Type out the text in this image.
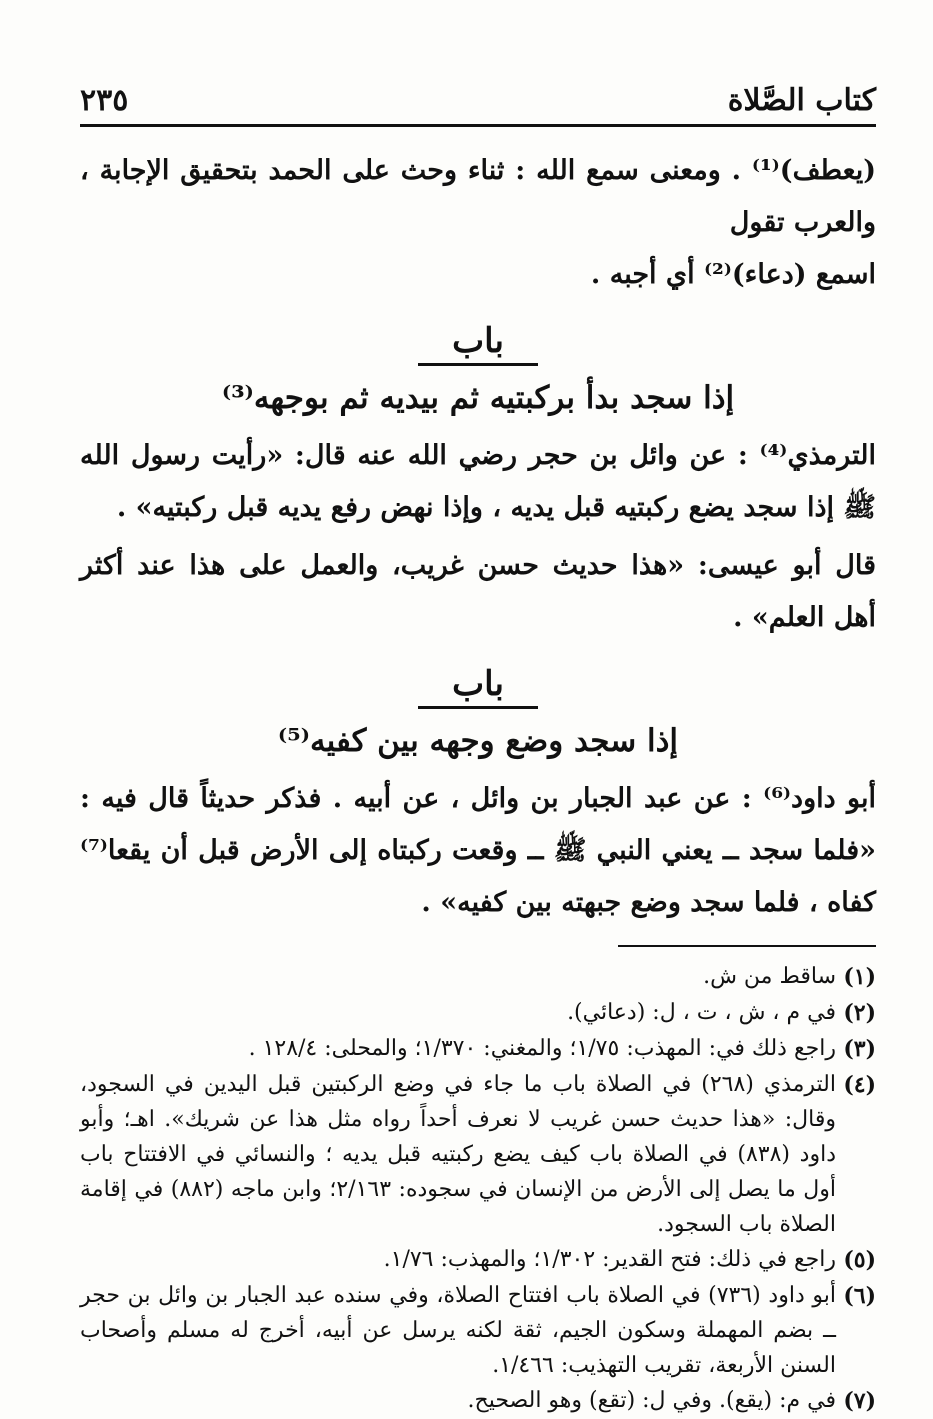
كتاب الصَّلاة
٢٣٥

(يعطف)⁽¹⁾ . ومعنى سمع الله : ثناء وحث على الحمد بتحقيق الإجابة ، والعرب تقول

اسمع (دعاء)⁽²⁾ أي أجبه .

باب
إذا سجد بدأ بركبتيه ثم بيديه ثم بوجهه⁽³⁾

الترمذي⁽⁴⁾ : عن وائل بن حجر رضي الله عنه قال: «رأيت رسول الله ﷺ إذا سجد يضع ركبتيه قبل يديه ، وإذا نهض رفع يديه قبل ركبتيه» .

قال أبو عيسى: «هذا حديث حسن غريب، والعمل على هذا عند أكثر أهل العلم» .

باب
إذا سجد وضع وجهه بين كفيه⁽⁵⁾

أبو داود⁽⁶⁾ : عن عبد الجبار بن وائل ، عن أبيه . فذكر حديثاً قال فيه : «فلما سجد ــ يعني النبي ﷺ ــ وقعت ركبتاه إلى الأرض قبل أن يقعا⁽⁷⁾ كفاه ، فلما سجد وضع جبهته بين كفيه» .

(١)
ساقط من ش.
(٢)
في م ، ش ، ت ، ل: (دعائي).
(٣)
راجع ذلك في: المهذب: ١/٧٥؛ والمغني: ١/٣٧٠؛ والمحلى: ١٢٨/٤ .
(٤)
الترمذي (٢٦٨) في الصلاة باب ما جاء في وضع الركبتين قبل اليدين في السجود، وقال: «هذا حديث حسن غريب لا نعرف أحداً رواه مثل هذا عن شريك». اهـ؛ وأبو داود (٨٣٨) في الصلاة باب كيف يضع ركبتيه قبل يديه ؛ والنسائي في الافتتاح باب أول ما يصل إلى الأرض من الإنسان في سجوده: ٢/١٦٣؛ وابن ماجه (٨٨٢) في إقامة الصلاة باب السجود.
(٥)
راجع في ذلك: فتح القدير: ١/٣٠٢؛ والمهذب: ١/٧٦.
(٦)
أبو داود (٧٣٦) في الصلاة باب افتتاح الصلاة، وفي سنده عبد الجبار بن وائل بن حجر ــ بضم المهملة وسكون الجيم، ثقة لكنه يرسل عن أبيه، أخرج له مسلم وأصحاب السنن الأربعة، تقريب التهذيب: ١/٤٦٦.
(٧)
في م: (يقع). وفي ل: (تقع) وهو الصحيح.
